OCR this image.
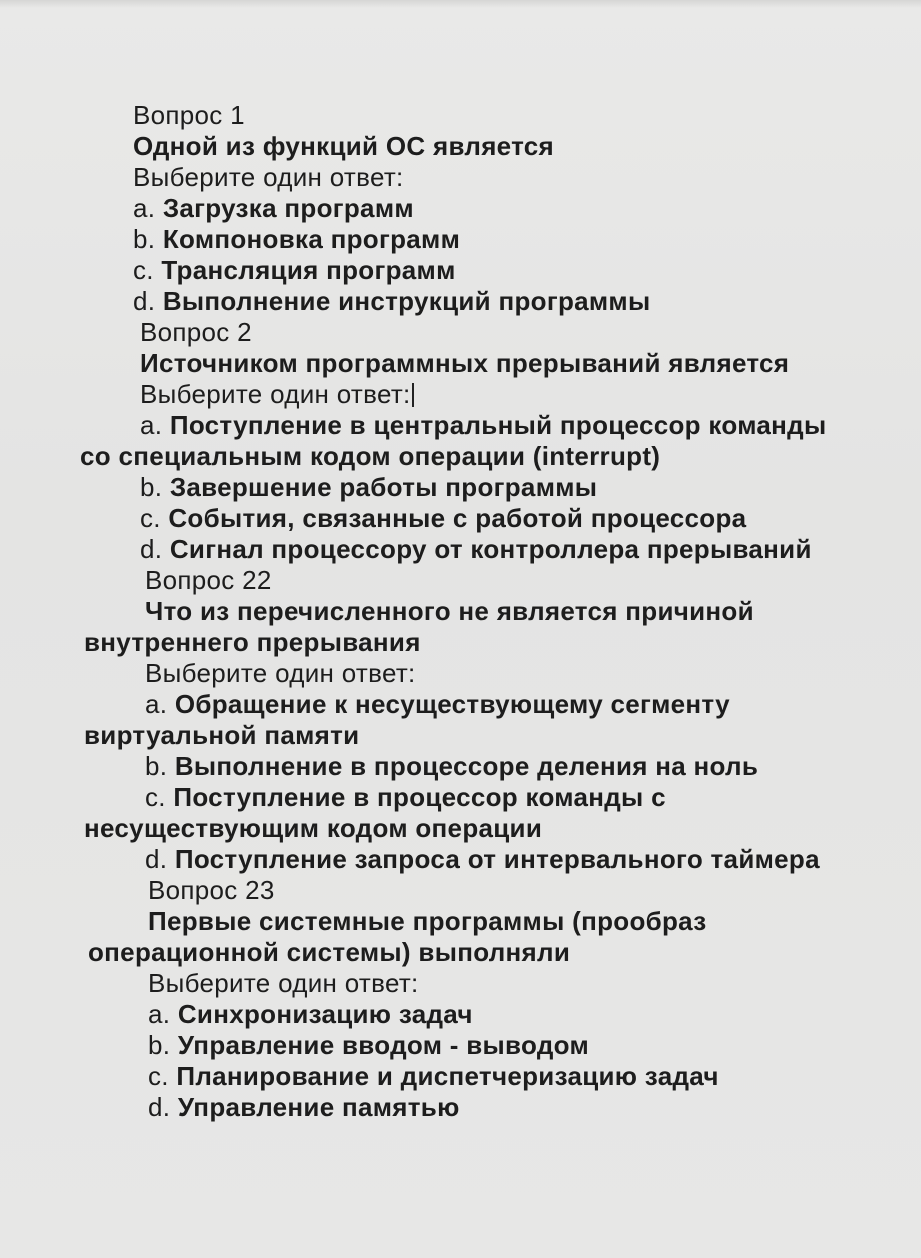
Вопрос 1
Одной из функций ОС является
Выберите один ответ:
a. Загрузка программ
b. Компоновка программ
c. Трансляция программ
d. Выполнение инструкций программы
Вопрос 2
Источником программных прерываний является
Выберите один ответ:
a. Поступление в центральный процессор команды
со специальным кодом операции (interrupt)
b. Завершение работы программы
c. События, связанные с работой процессора
d. Сигнал процессору от контроллера прерываний
Вопрос 22
Что из перечисленного не является причиной
внутреннего прерывания
Выберите один ответ:
a. Обращение к несуществующему сегменту
виртуальной памяти
b. Выполнение в процессоре деления на ноль
c. Поступление в процессор команды с
несуществующим кодом операции
d. Поступление запроса от интервального таймера
Вопрос 23
Первые системные программы (прообраз
операционной системы) выполняли
Выберите один ответ:
a. Синхронизацию задач
b. Управление вводом - выводом
c. Планирование и диспетчеризацию задач
d. Управление памятью
